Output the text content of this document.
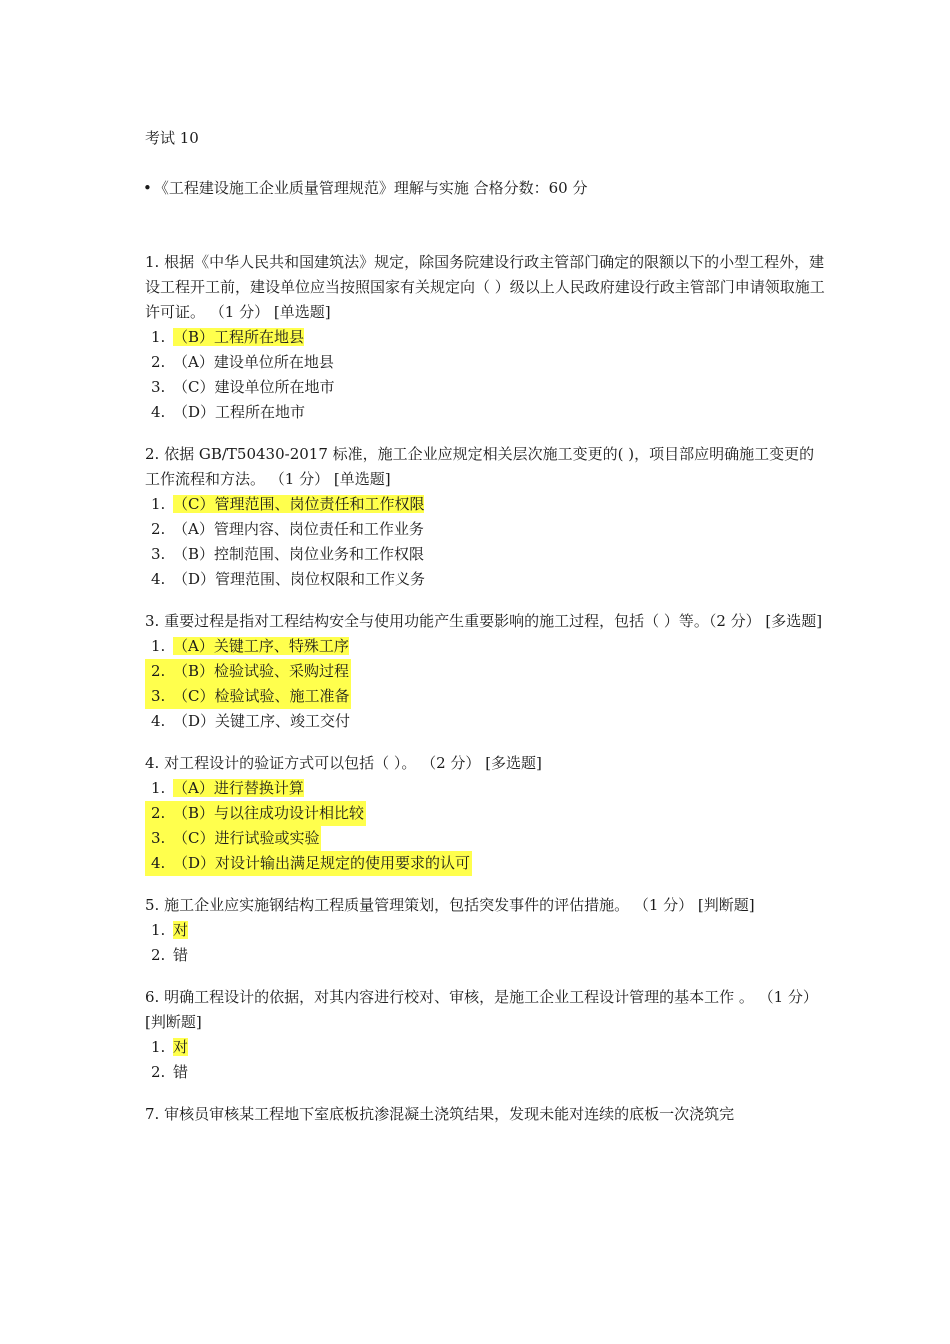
考试 10
• 《工程建设施工企业质量管理规范》理解与实施 合格分数：60 分

1. 根据《中华人民共和国建筑法》规定，除国务院建设行政主管部门确定的限额以下的小型工程外，建设工程开工前，建设单位应当按照国家有关规定向（ ）级以上人民政府建设行政主管部门申请领取施工许可证。 （1 分） [单选题]

1. （B）工程所在地县
2. （A）建设单位所在地县
3. （C）建设单位所在地市
4. （D）工程所在地市

2. 依据 GB/T50430-2017 标准，施工企业应规定相关层次施工变更的( )，项目部应明确施工变更的工作流程和方法。 （1 分） [单选题]

1. （C）管理范围、岗位责任和工作权限
2. （A）管理内容、岗位责任和工作业务
3. （B）控制范围、岗位业务和工作权限
4. （D）管理范围、岗位权限和工作义务

3. 重要过程是指对工程结构安全与使用功能产生重要影响的施工过程，包括（ ）等。（2 分） [多选题]

1. （A）关键工序、特殊工序
2. （B）检验试验、采购过程
3. （C）检验试验、施工准备
4. （D）关键工序、竣工交付

4. 对工程设计的验证方式可以包括（ ）。 （2 分） [多选题]

1. （A）进行替换计算
2. （B）与以往成功设计相比较
3. （C）进行试验或实验
4. （D）对设计输出满足规定的使用要求的认可

5. 施工企业应实施钢结构工程质量管理策划，包括突发事件的评估措施。 （1 分） [判断题]

1. 对
2. 错

6. 明确工程设计的依据，对其内容进行校对、审核，是施工企业工程设计管理的基本工作 。 （1 分） [判断题]

1. 对
2. 错

7. 审核员审核某工程地下室底板抗渗混凝土浇筑结果，发现未能对连续的底板一次浇筑完
